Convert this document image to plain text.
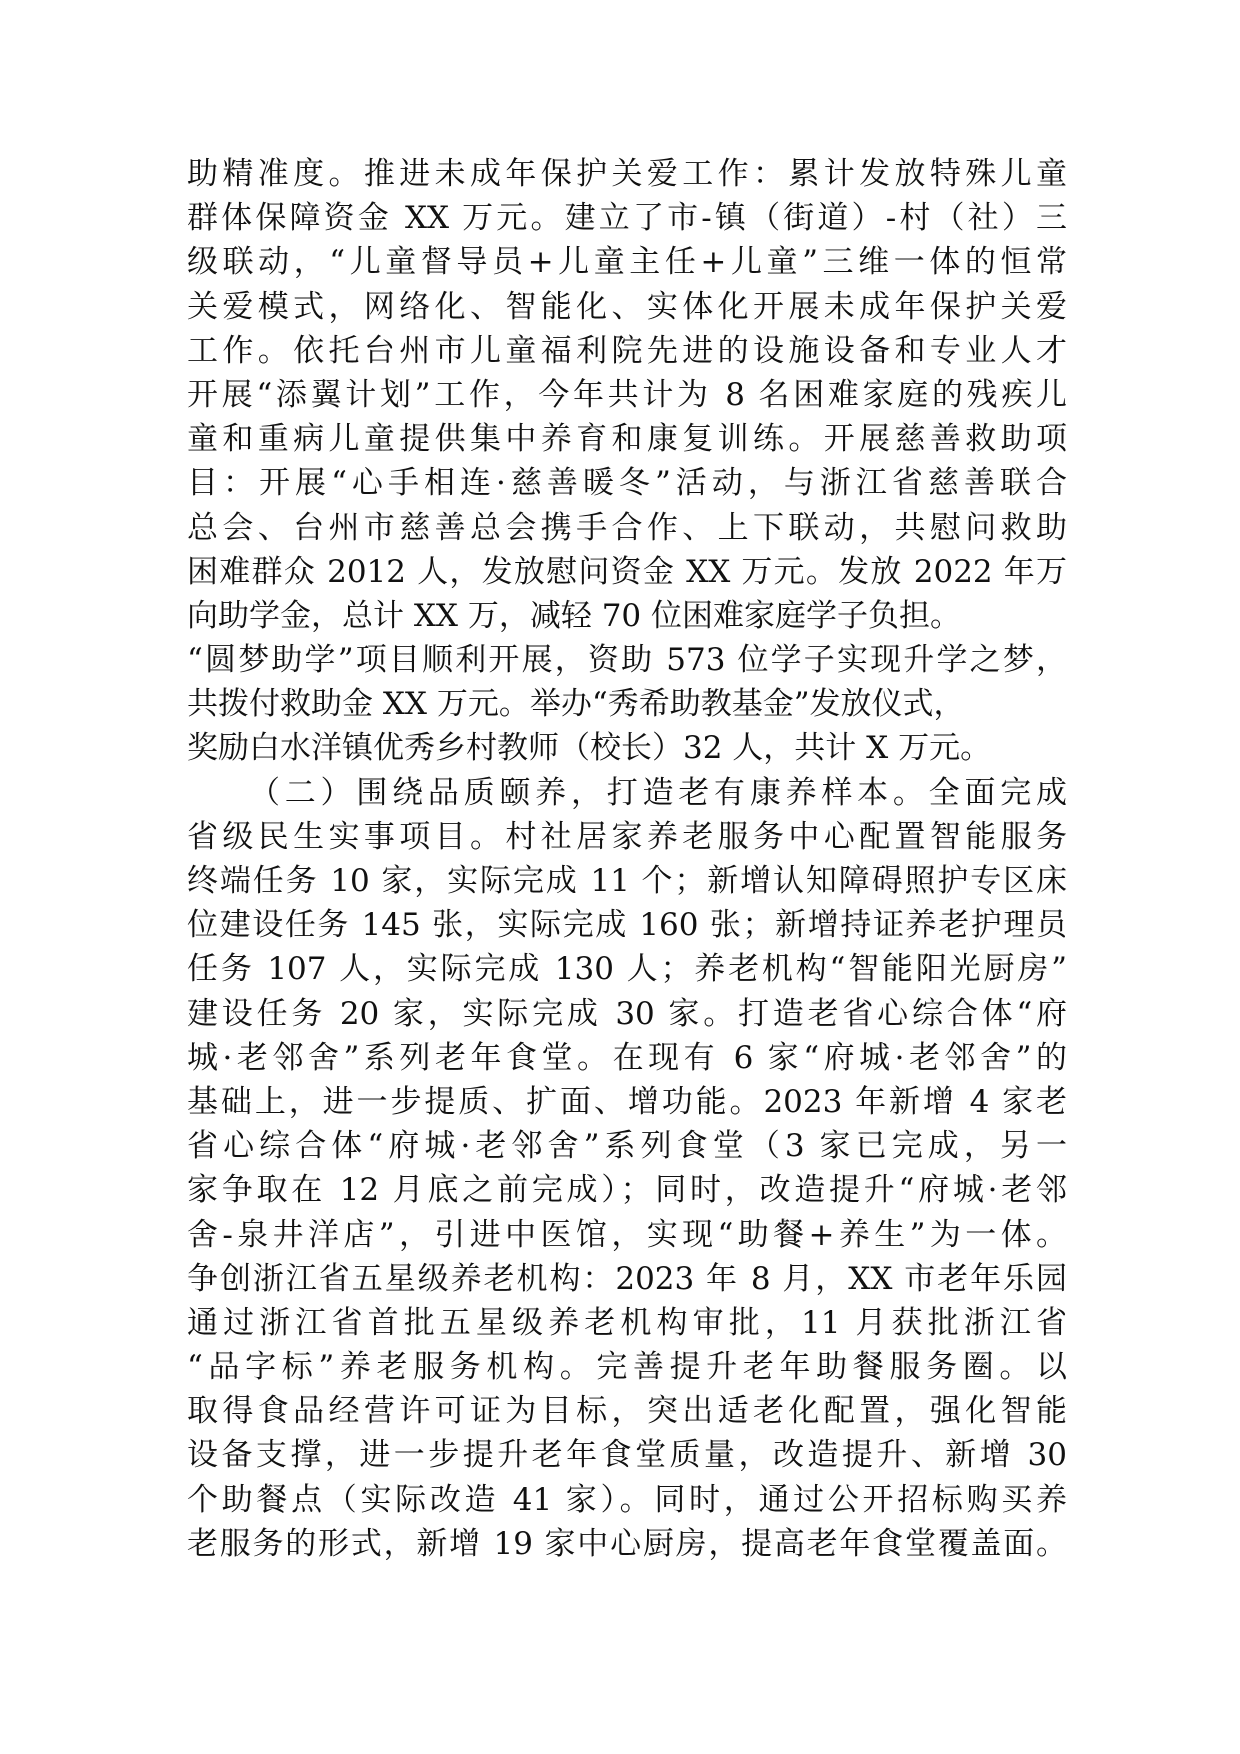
助精准度。推进未成年保护关爱工作：累计发放特殊儿童
群体保障资金 XX 万元。建立了市-镇（街道）-村（社）三
级联动，“儿童督导员+儿童主任+儿童”三维一体的恒常
关爱模式，网络化、智能化、实体化开展未成年保护关爱
工作。依托台州市儿童福利院先进的设施设备和专业人才
开展“添翼计划”工作，今年共计为 8 名困难家庭的残疾儿
童和重病儿童提供集中养育和康复训练。开展慈善救助项
目：开展“心手相连·慈善暖冬”活动，与浙江省慈善联合
总会、台州市慈善总会携手合作、上下联动，共慰问救助
困难群众 2012 人，发放慰问资金 XX 万元。发放 2022 年万
向助学金，总计 XX 万，减轻 70 位困难家庭学子负担。
“圆梦助学”项目顺利开展，资助 573 位学子实现升学之梦，
共拨付救助金 XX 万元。举办“秀希助教基金”发放仪式，
奖励白水洋镇优秀乡村教师（校长）32 人，共计 X 万元。
（二）围绕品质颐养，打造老有康养样本。全面完成
省级民生实事项目。村社居家养老服务中心配置智能服务
终端任务 10 家，实际完成 11 个；新增认知障碍照护专区床
位建设任务 145 张，实际完成 160 张；新增持证养老护理员
任务 107 人，实际完成 130 人；养老机构“智能阳光厨房”
建设任务 20 家，实际完成 30 家。打造老省心综合体“府
城·老邻舍”系列老年食堂。在现有 6 家“府城·老邻舍”的
基础上，进一步提质、扩面、增功能。2023 年新增 4 家老
省心综合体“府城·老邻舍”系列食堂（3 家已完成，另一
家争取在 12 月底之前完成）；同时，改造提升“府城·老邻
舍-泉井洋店”，引进中医馆，实现“助餐+养生”为一体。
争创浙江省五星级养老机构：2023 年 8 月，XX 市老年乐园
通过浙江省首批五星级养老机构审批，11 月获批浙江省
“品字标”养老服务机构。完善提升老年助餐服务圈。以
取得食品经营许可证为目标，突出适老化配置，强化智能
设备支撑，进一步提升老年食堂质量，改造提升、新增 30
个助餐点（实际改造 41 家）。同时，通过公开招标购买养
老服务的形式，新增 19 家中心厨房，提高老年食堂覆盖面。
